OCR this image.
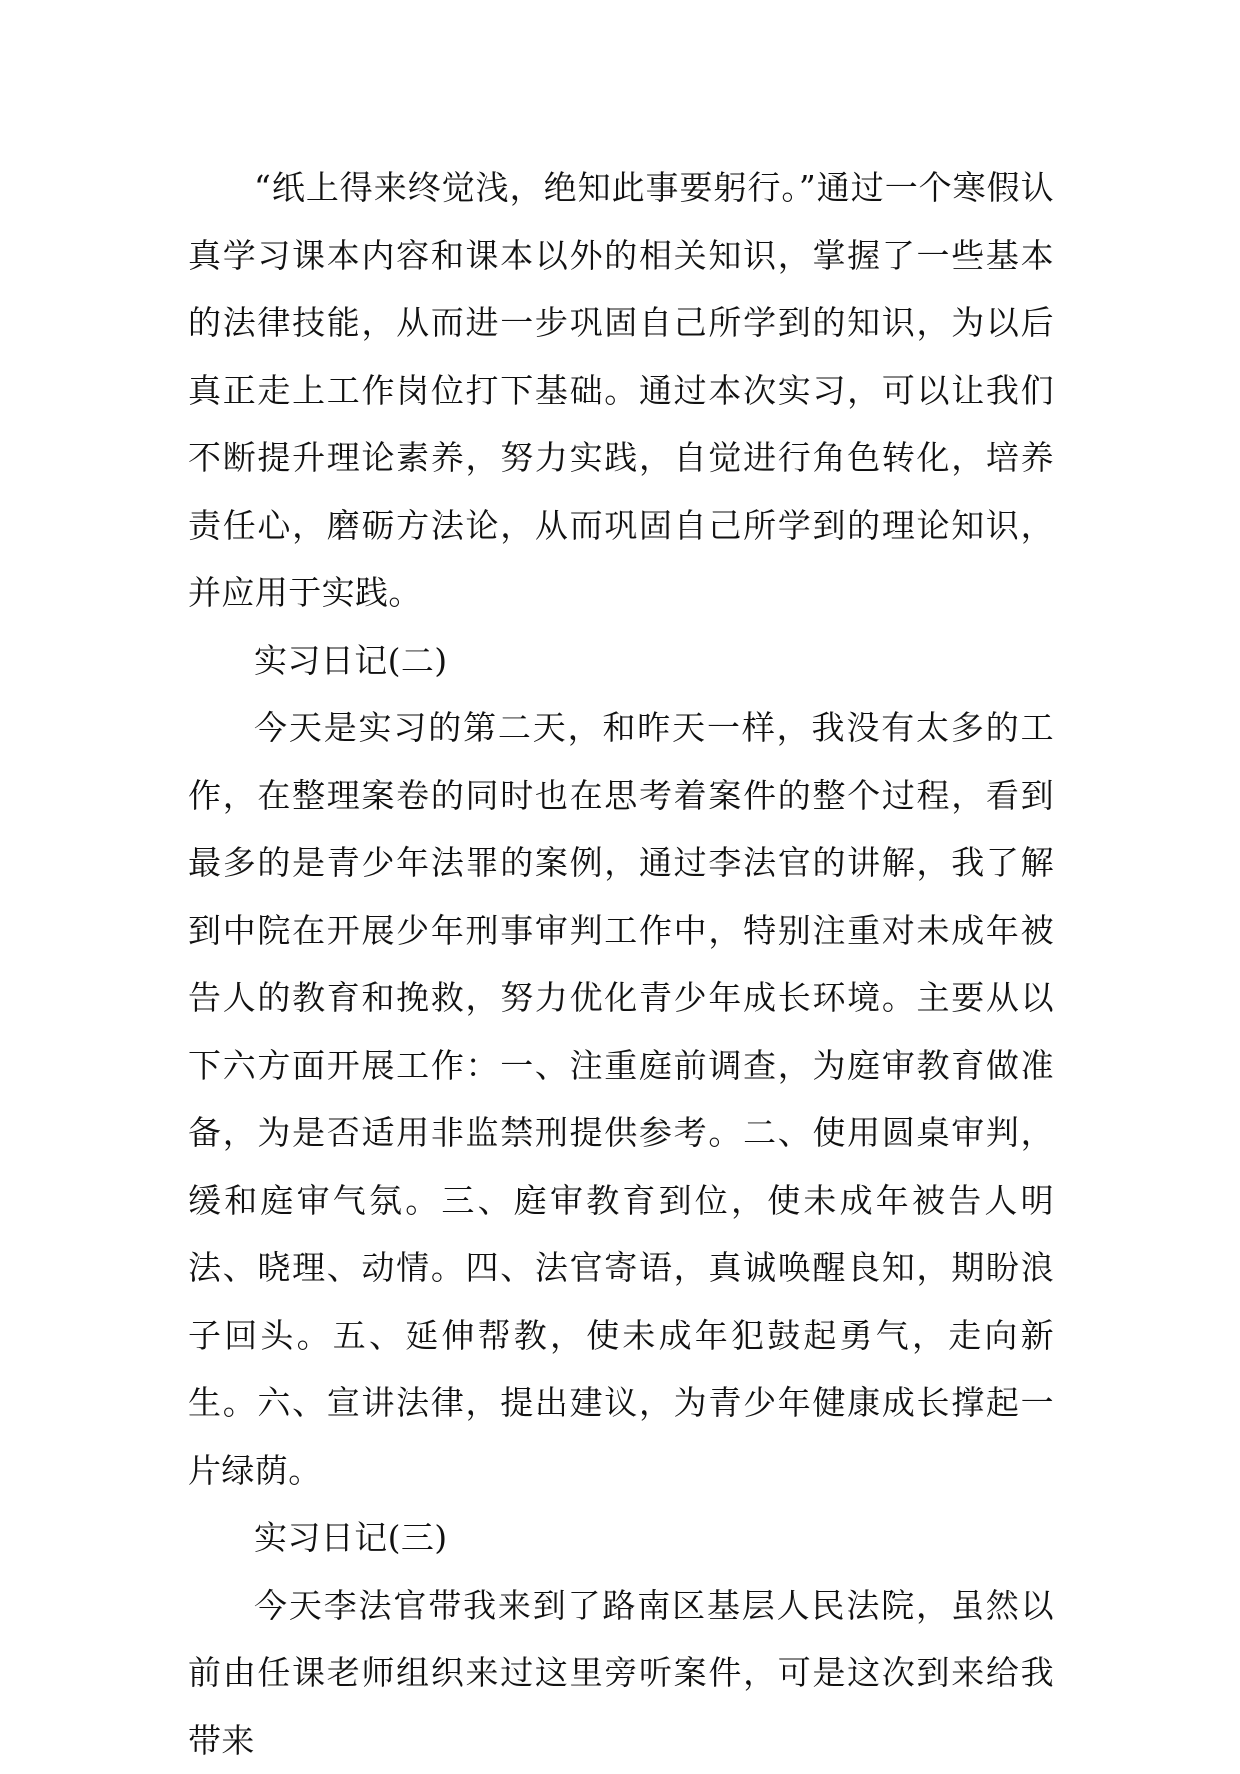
“纸上得来终觉浅，绝知此事要躬行。”通过一个寒假认真学习课本内容和课本以外的相关知识，掌握了一些基本的法律技能，从而进一步巩固自己所学到的知识，为以后真正走上工作岗位打下基础。通过本次实习，可以让我们不断提升理论素养，努力实践，自觉进行角色转化，培养责任心，磨砺方法论，从而巩固自己所学到的理论知识，并应用于实践。

实习日记(二)

今天是实习的第二天，和昨天一样，我没有太多的工作，在整理案卷的同时也在思考着案件的整个过程，看到最多的是青少年法罪的案例，通过李法官的讲解，我了解到中院在开展少年刑事审判工作中，特别注重对未成年被告人的教育和挽救，努力优化青少年成长环境。主要从以下六方面开展工作：一、注重庭前调查，为庭审教育做准备，为是否适用非监禁刑提供参考。二、使用圆桌审判，缓和庭审气氛。三、庭审教育到位，使未成年被告人明法、晓理、动情。四、法官寄语，真诚唤醒良知，期盼浪子回头。五、延伸帮教，使未成年犯鼓起勇气，走向新生。六、宣讲法律，提出建议，为青少年健康成长撑起一片绿荫。

实习日记(三)

今天李法官带我来到了路南区基层人民法院，虽然以前由任课老师组织来过这里旁听案件，可是这次到来给我带来
